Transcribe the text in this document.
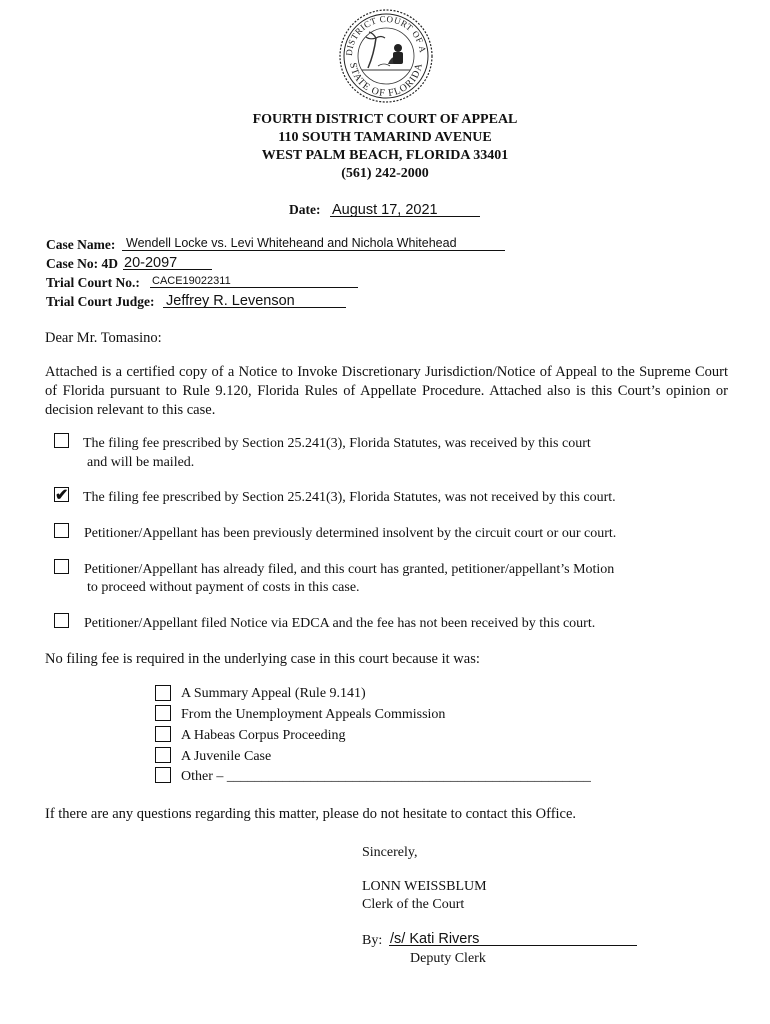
DISTRICT COURT OF A
STATE OF FLORIDA
FOURTH DISTRICT COURT OF APPEAL
110 SOUTH TAMARIND AVENUE
WEST PALM BEACH, FLORIDA 33401
(561) 242-2000
Date: August 17, 2021
Case Name: Wendell Locke vs. Levi Whiteheand and Nichola Whitehead
Case No: 4D 20-2097
Trial Court No.: CACE19022311
Trial Court Judge: Jeffrey R. Levenson
Dear Mr. Tomasino:
Attached is a certified copy of a Notice to Invoke Discretionary Jurisdiction/Notice of Appeal to the Supreme Court of Florida pursuant to Rule 9.120, Florida Rules of Appellate Procedure. Attached also is this Court’s opinion or decision relevant to this case.
The filing fee prescribed by Section 25.241(3), Florida Statutes, was received by this court
and will be mailed.
✔ The filing fee prescribed by Section 25.241(3), Florida Statutes, was not received by this court.
Petitioner/Appellant has been previously determined insolvent by the circuit court or our court.
Petitioner/Appellant has already filed, and this court has granted, petitioner/appellant’s Motion
to proceed without payment of costs in this case.
Petitioner/Appellant filed Notice via EDCA and the fee has not been received by this court.
No filing fee is required in the underlying case in this court because it was:
A Summary Appeal (Rule 9.141)
From the Unemployment Appeals Commission
A Habeas Corpus Proceeding
A Juvenile Case
Other – ____________________________________________________
If there are any questions regarding this matter, please do not hesitate to contact this Office.
Sincerely,
LONN WEISSBLUM
Clerk of the Court
By: /s/ Kati Rivers
Deputy Clerk
